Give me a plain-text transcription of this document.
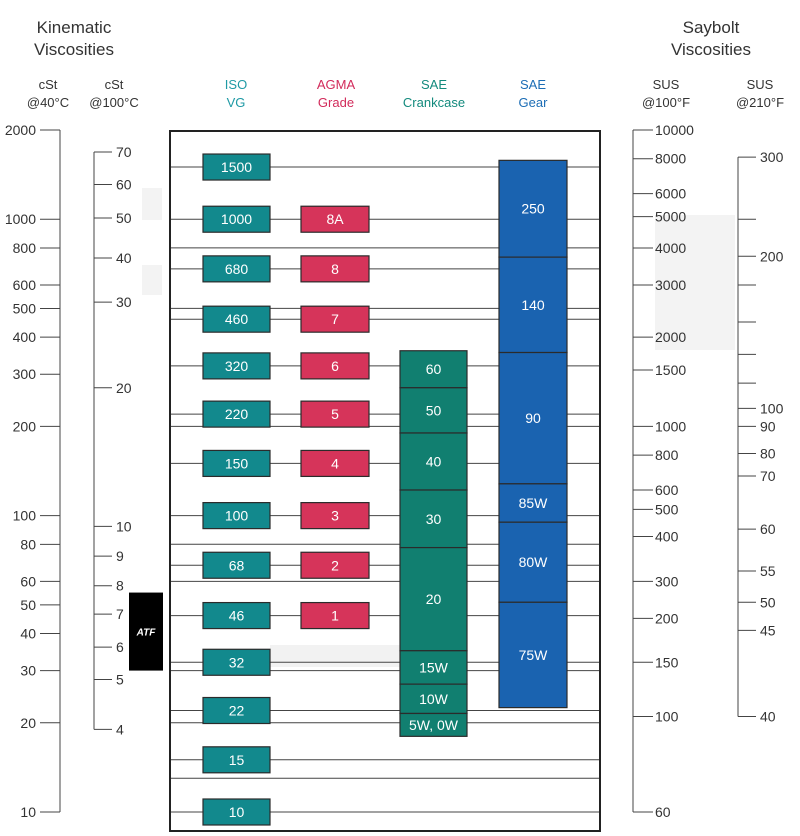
Kinematic
Viscosities
Saybolt
Viscosities
cSt
@40°C
cSt
@100°C
ISO
VG
AGMA
Grade
SAE
Crankcase
SAE
Gear
SUS
@100°F
SUS
@210°F
2000
1000
800
600
500
400
300
200
100
80
60
50
40
30
20
10
70
60
50
40
30
20
10
9
8
7
6
5
4
10000
8000
6000
5000
4000
3000
2000
1500
1000
800
600
500
400
300
200
150
100
60
300
200
100
90
80
70
60
55
50
45
40
1500
1000
680
460
320
220
150
100
68
46
32
22
15
10
8A
8
7
6
5
4
3
2
1
60
50
40
30
20
15W
10W
5W, 0W
250
140
90
85W
80W
75W
ATF
